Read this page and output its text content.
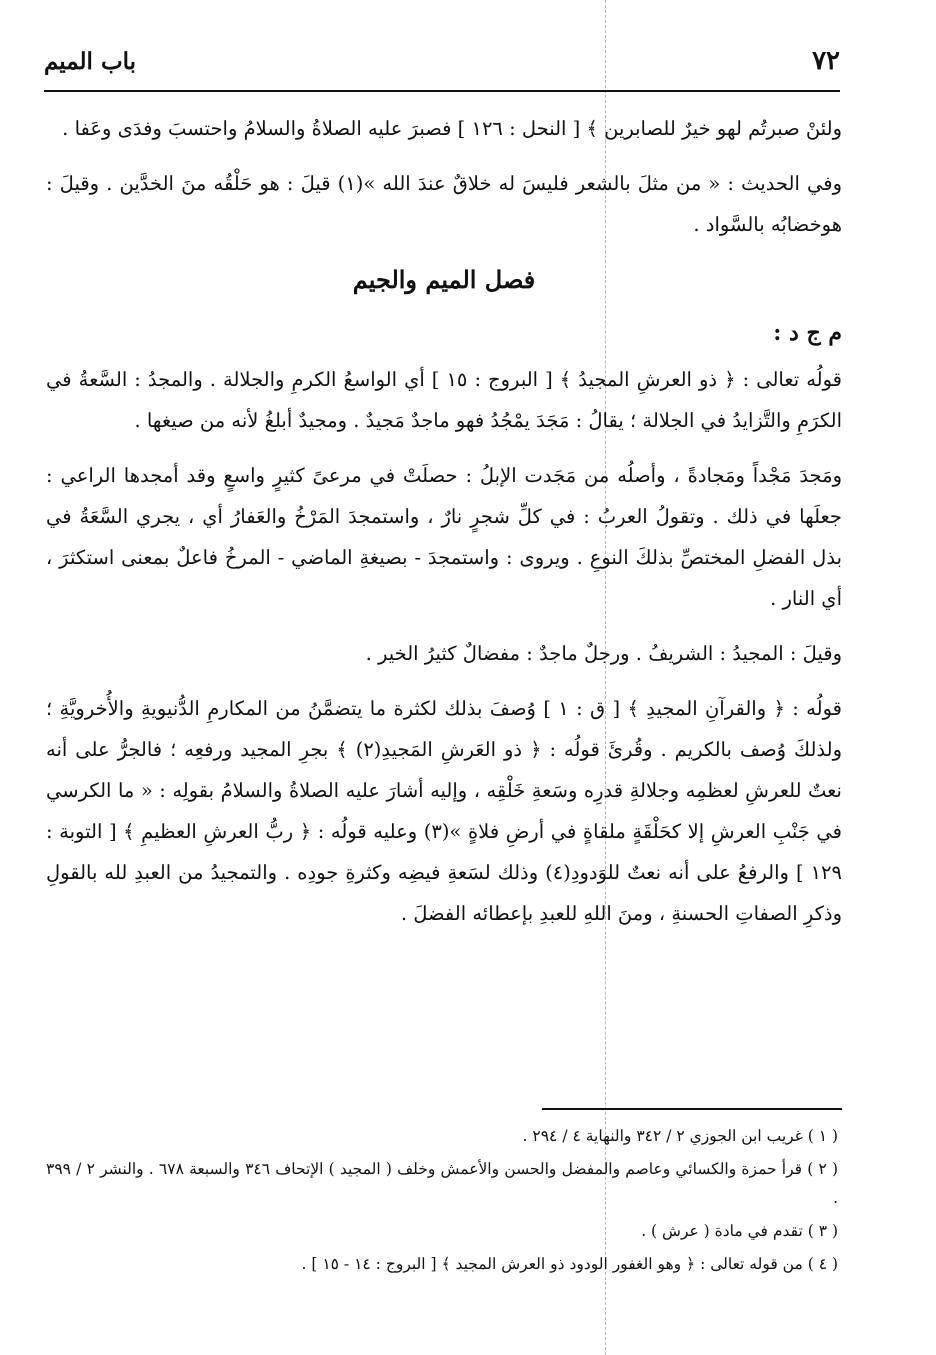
٧٢
باب الميم

ولئنْ صبرتُم لهو خيرٌ للصابرين ﴾ [ النحل : ١٢٦ ] فصبرَ عليه الصلاةُ والسلامُ واحتسبَ وفدَى وعَفا .

وفي الحديث : « من مثلَ بالشعر فليسَ له خلاقٌ عندَ الله »(١) قيلَ : هو حَلْقُه منَ الخدَّين . وقيلَ : هوخضابُه بالسَّواد .

فصل الميم والجيم
م ج د :

قولُه تعالى : ﴿ ذو العرشِ المجيدُ ﴾ [ البروج : ١٥ ] أي الواسعُ الكرمِ والجلالة . والمجدُ : السَّعةُ في الكرَمِ والتَّزايدُ في الجلالة ؛ يقالُ : مَجَدَ يمْجُدُ فهو ماجدٌ مَجيدٌ . ومجيدٌ أبلغُ لأنه من صيغها .

ومَجدَ مَجْداً ومَجادةً ، وأصلُه من مَجَدت الإبلُ : حصلَتْ في مرعىً كثيرٍ واسعٍ وقد أمجدها الراعي : جعلَها في ذلك . وتقولُ العربُ : في كلِّ شجرٍ نارٌ ، واستمجدَ المَرْخُ والعَفارُ أي ، يجري السَّعَةُ في بذل الفضلِ المختصِّ بذلكَ النوعِ . ويروى : واستمجدَ - بصيغةِ الماضي - المرخُ فاعلٌ بمعنى استكثرَ ، أي النار .

وقيلَ : المجيدُ : الشريفُ . ورجلٌ ماجدٌ : مفضالٌ كثيرُ الخير .

قولُه : ﴿ والقرآنِ المجيدِ ﴾ [ ق : ١ ] وُصفَ بذلك لكثرة ما يتضمَّنُ من المكارمِ الدُّنيويةِ والأُخرويَّةِ ؛ ولذلكَ وُصف بالكريم . وقُرئَ قولُه : ﴿ ذو العَرشِ المَجيدِ(٢) ﴾ بجرِ المجيد ورفعِه ؛ فالجرُّ على أنه نعتٌ للعرشِ لعظمِه وجلالةِ قدرِه وسَعةِ خَلْقِه ، وإليه أشارَ عليه الصلاةُ والسلامُ بقولِه : « ما الكرسي في جَنْبِ العرشِ إلا كحَلْقَةٍ ملقاةٍ في أرضِ فلاةٍ »(٣) وعليه قولُه : ﴿ ربُّ العرشِ العظيمِ ﴾ [ التوبة : ١٢٩ ] والرفعُ على أنه نعتٌ للوَدودِ(٤) وذلك لسَعةِ فيضِه وكثرةِ جودِه . والتمجيدُ من العبدِ لله بالقولِ وذكرِ الصفاتِ الحسنةِ ، ومنَ اللهِ للعبدِ بإعطائه الفضلَ .

( ١ ) غريب ابن الجوزي ٢ / ٣٤٢ والنهاية ٤ / ٢٩٤ .
( ٢ ) قرأ حمزة والكسائي وعاصم والمفضل والحسن والأعمش وخلف ( المجيد ) الإتحاف ٣٤٦ والسبعة ٦٧٨ . والنشر ٢ / ٣٩٩ .
( ٣ ) تقدم في مادة ( عرش ) .
( ٤ ) من قوله تعالى : ﴿ وهو الغفور الودود ذو العرش المجيد ﴾ [ البروج : ١٤ - ١٥ ] .
